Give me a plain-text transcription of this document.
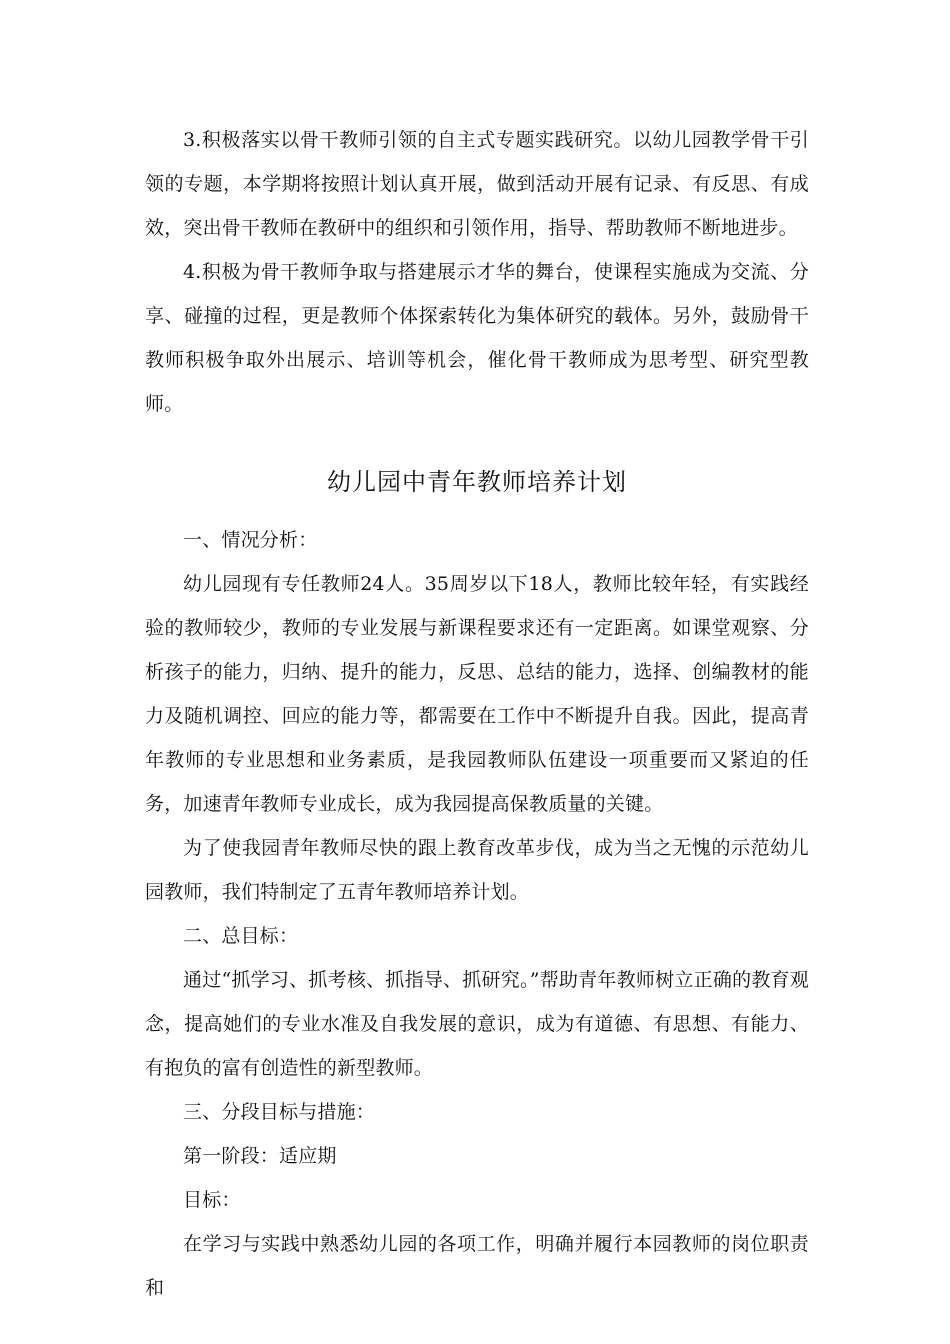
3.积极落实以骨干教师引领的自主式专题实践研究。以幼儿园教学骨干引领的专题，本学期将按照计划认真开展，做到活动开展有记录、有反思、有成效，突出骨干教师在教研中的组织和引领作用，指导、帮助教师不断地进步。

4.积极为骨干教师争取与搭建展示才华的舞台，使课程实施成为交流、分享、碰撞的过程，更是教师个体探索转化为集体研究的载体。另外，鼓励骨干教师积极争取外出展示、培训等机会，催化骨干教师成为思考型、研究型教师。

幼儿园中青年教师培养计划

一、情况分析：

幼儿园现有专任教师24人。35周岁以下18人，教师比较年轻，有实践经验的教师较少，教师的专业发展与新课程要求还有一定距离。如课堂观察、分析孩子的能力，归纳、提升的能力，反思、总结的能力，选择、创编教材的能力及随机调控、回应的能力等，都需要在工作中不断提升自我。因此，提高青年教师的专业思想和业务素质，是我园教师队伍建设一项重要而又紧迫的任务，加速青年教师专业成长，成为我园提高保教质量的关键。

为了使我园青年教师尽快的跟上教育改革步伐，成为当之无愧的示范幼儿园教师，我们特制定了五青年教师培养计划。

二、总目标：

通过“抓学习、抓考核、抓指导、抓研究。”帮助青年教师树立正确的教育观念，提高她们的专业水准及自我发展的意识，成为有道德、有思想、有能力、有抱负的富有创造性的新型教师。

三、分段目标与措施：

第一阶段：适应期

目标：

在学习与实践中熟悉幼儿园的各项工作，明确并履行本园教师的岗位职责和
